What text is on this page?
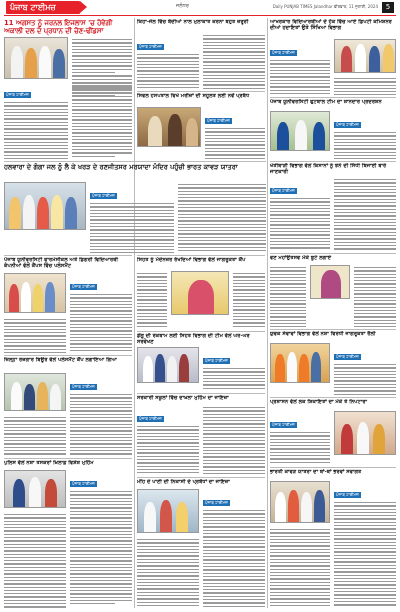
ਪੰਜਾਬ ਟਾਈਮਜ਼	ਜਲੰਧਰ	Daily PUNJAB TIMES Jalandhar ਵੀਰਵਾਰ, 11 ਜੁਲਾਈ, 2024	5
11 ਅਗਸਤ ਨੂੰ ਜਰਨਲ ਇਜਲਾਸ 'ਚ ਹੋਵੇਗੀ ਅਕਾਲੀ ਦਲ ਦੇ ਪ੍ਰਧਾਨ ਦੀ ਚੋਣ-ਢੀਂਡਸਾ
ਪੰਜਾਬ ਟਾਈਮਜ਼
ਹਲਵਾਰਾ ਦੇ ਗੰਗਾ ਜਲ ਨੂੰ ਲੈ ਕੇ ਖਰੜ ਦੇ ਰਣਜੀਤਸਰ ਮਰਯਾਦਾ ਮੰਦਿਰ ਪਹੁੰਚੀ ਭਾਰਤ ਕਾਵੜ ਯਾਤਰਾ
ਪੰਜਾਬ ਟਾਈਮਜ਼
ਪੰਜਾਬ ਯੂਨੀਵਰਸਿਟੀ ਫਾਰਮੇਸੀਕਲ ਅਤੇ ਡਿਗਰੀ ਵਿਦਿਆਰਥੀ ਕੰਪਨੀਆਂ ਵੱਲੋਂ ਕੈਂਪਸ ਵਿੱਚ ਪਲੇਸਮੈਂਟ
ਪੰਜਾਬ ਟਾਈਮਜ਼
ਜ਼ਿਲ੍ਹਾ ਰੋਜ਼ਗਾਰ ਬਿਊਰੋ ਵੱਲੋਂ ਪਲੇਸਮੈਂਟ ਕੈਂਪ ਲਗਾਇਆ ਗਿਆ
ਪੰਜਾਬ ਟਾਈਮਜ਼
ਪੁਲਿਸ ਵੱਲੋਂ ਨਸ਼ਾ ਤਸਕਰਾਂ ਖ਼ਿਲਾਫ਼ ਵਿਸ਼ੇਸ਼ ਮੁਹਿੰਮ
ਪੰਜਾਬ ਟਾਈਮਜ਼
ਕਿਹਾ-ਜੇਲ ਵਿੱਚ ਬੰਦੀਆਂ ਨਾਲ ਮੁਲਾਕਾਤ ਕਰਨਾ ਬਹੁਤ ਜ਼ਰੂਰੀ
ਪੰਜਾਬ ਟਾਈਮਜ਼
ਸਿਵਲ ਹਸਪਤਾਲ ਵਿਖੇ ਮਰੀਜ਼ਾਂ ਦੀ ਸਹੂਲਤ ਲਈ ਨਵੇਂ ਪ੍ਰਬੰਧ
ਪੰਜਾਬ ਟਾਈਮਜ਼
ਸਿਹਤ ਨੂੰ ਮੱਦੇਨਜ਼ਰ ਰੱਖਦਿਆਂ ਵਿਭਾਗ ਵੱਲੋਂ ਜਾਗਰੂਕਤਾ ਕੈਂਪ
ਡੇਂਗੂ ਦੀ ਰੋਕਥਾਮ ਲਈ ਸਿਹਤ ਵਿਭਾਗ ਦੀ ਟੀਮ ਵੱਲੋਂ ਘਰ-ਘਰ ਸਰਵੇਖਣ
ਪੰਜਾਬ ਟਾਈਮਜ਼
ਸਰਕਾਰੀ ਸਕੂਲਾਂ ਵਿੱਚ ਦਾਖ਼ਲਾ ਮੁਹਿੰਮ ਦਾ ਜਾਇਜ਼ਾ
ਪੰਜਾਬ ਟਾਈਮਜ਼
ਮੀਂਹ ਦੇ ਪਾਣੀ ਦੀ ਨਿਕਾਸੀ ਦੇ ਪ੍ਰਬੰਧਾਂ ਦਾ ਜਾਇਜ਼ਾ
ਪੰਜਾਬ ਟਾਈਮਜ਼
ਆਖਰਕਾਰ ਵਿਦਿਆਰਥੀਆਂ ਦੇ ਹੱਕ ਵਿੱਚ ਆਏ ਡਿਪਟੀ ਕਮਿਸ਼ਨਰ ਦੀਆਂ ਹਦਾਇਤਾਂ ਉਤੇ ਸਿੱਖਿਆ ਵਿਭਾਗ
ਪੰਜਾਬ ਟਾਈਮਜ਼
ਪੰਜਾਬ ਯੂਨੀਵਰਸਿਟੀ ਫੁਟਬਾਲ ਟੀਮ ਦਾ ਸ਼ਾਨਦਾਰ ਪ੍ਰਦਰਸ਼ਨ
ਪੰਜਾਬ ਟਾਈਮਜ਼
ਖੇਤੀਬਾੜੀ ਵਿਭਾਗ ਵੱਲੋਂ ਕਿਸਾਨਾਂ ਨੂੰ ਝੋਨੇ ਦੀ ਸਿੱਧੀ ਬਿਜਾਈ ਬਾਰੇ ਜਾਣਕਾਰੀ
ਪੰਜਾਬ ਟਾਈਮਜ਼
ਵਣ ਮਹਾਂਉਤਸਵ ਮੌਕੇ ਬੂਟੇ ਲਗਾਏ
ਯੁਵਕ ਸੇਵਾਵਾਂ ਵਿਭਾਗ ਵੱਲੋਂ ਨਸ਼ਾ ਵਿਰੋਧੀ ਜਾਗਰੂਕਤਾ ਰੈਲੀ
ਪੰਜਾਬ ਟਾਈਮਜ਼
ਪ੍ਰਸ਼ਾਸਨ ਵੱਲੋਂ ਲੋਕ ਸ਼ਿਕਾਇਤਾਂ ਦਾ ਮੌਕੇ ਤੇ ਨਿਪਟਾਰਾ
ਪੰਜਾਬ ਟਾਈਮਜ਼
ਭਾਰਤੀ ਕਾਵੜ ਯਾਤਰਾ ਦਾ ਥਾਂ-ਥਾਂ ਭਰਵਾਂ ਸਵਾਗਤ
ਪੰਜਾਬ ਟਾਈਮਜ਼
